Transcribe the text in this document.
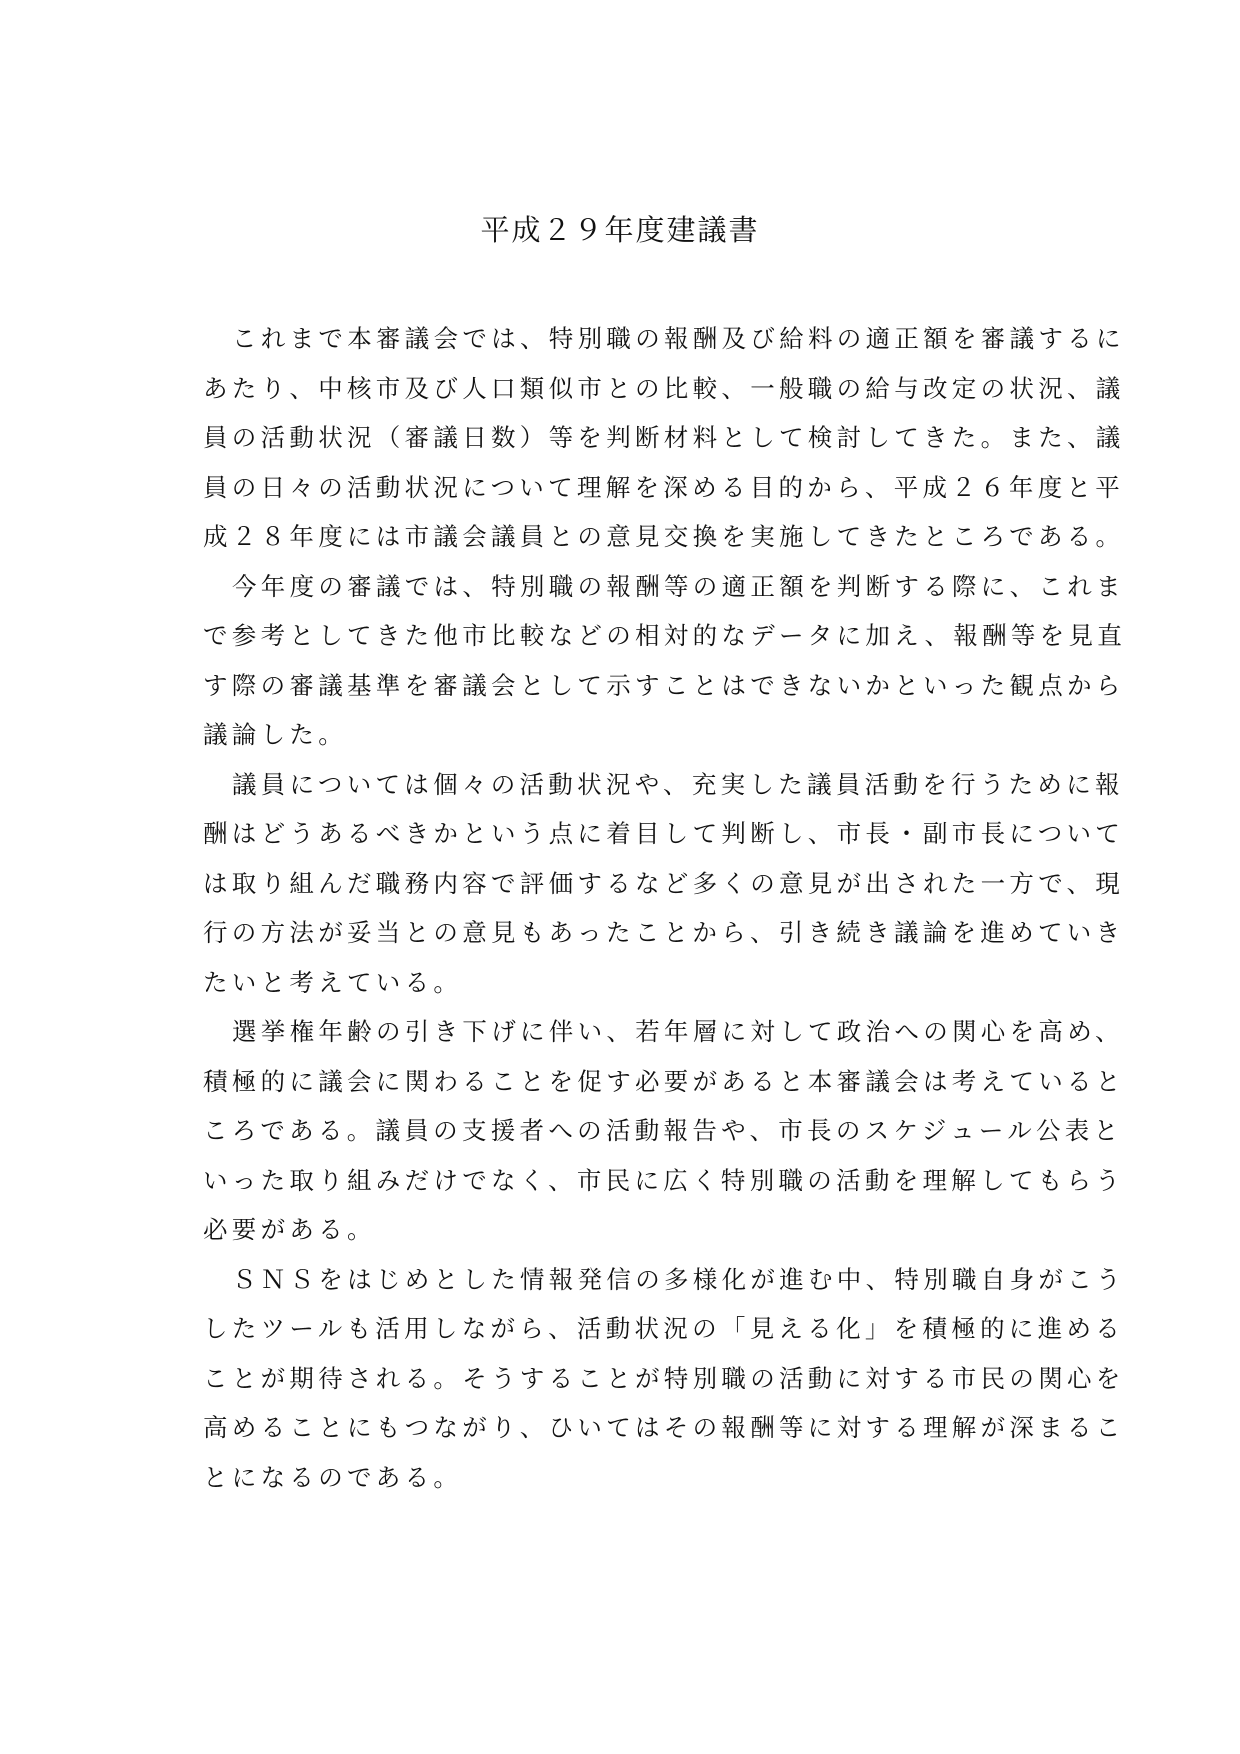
平成２９年度建議書

これまで本審議会では、特別職の報酬及び給料の適正額を審議するに
あたり、中核市及び人口類似市との比較、一般職の給与改定の状況、議
員の活動状況（審議日数）等を判断材料として検討してきた。また、議
員の日々の活動状況について理解を深める目的から、平成２６年度と平
成２８年度には市議会議員との意見交換を実施してきたところである。

今年度の審議では、特別職の報酬等の適正額を判断する際に、これま
で参考としてきた他市比較などの相対的なデータに加え、報酬等を見直
す際の審議基準を審議会として示すことはできないかといった観点から
議論した。

議員については個々の活動状況や、充実した議員活動を行うために報
酬はどうあるべきかという点に着目して判断し、市長・副市長について
は取り組んだ職務内容で評価するなど多くの意見が出された一方で、現
行の方法が妥当との意見もあったことから、引き続き議論を進めていき
たいと考えている。

選挙権年齢の引き下げに伴い、若年層に対して政治への関心を高め、
積極的に議会に関わることを促す必要があると本審議会は考えていると
ころである。議員の支援者への活動報告や、市長のスケジュール公表と
いった取り組みだけでなく、市民に広く特別職の活動を理解してもらう
必要がある。

ＳＮＳをはじめとした情報発信の多様化が進む中、特別職自身がこう
したツールも活用しながら、活動状況の「見える化」を積極的に進める
ことが期待される。そうすることが特別職の活動に対する市民の関心を
高めることにもつながり、ひいてはその報酬等に対する理解が深まるこ
とになるのである。
